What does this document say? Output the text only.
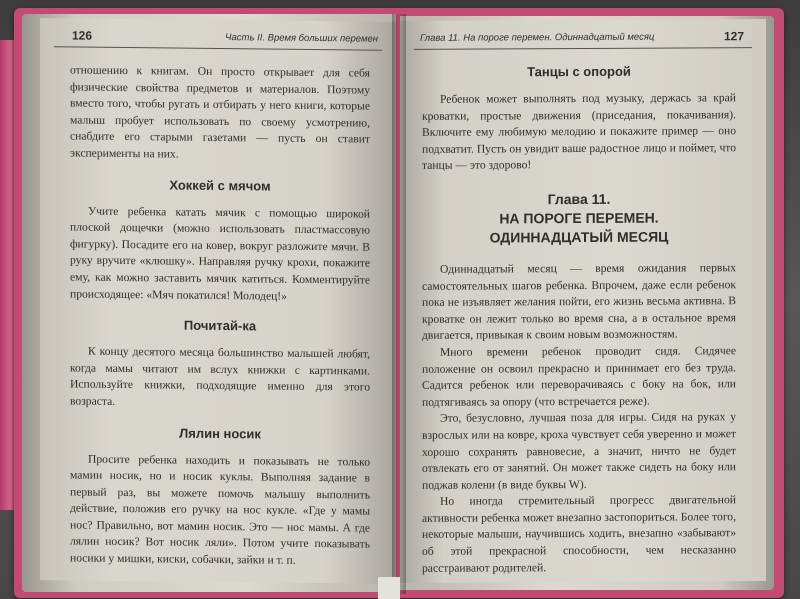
126	Часть II. Время больших перемен

отношению к книгам. Он просто открывает для себя физические свойства предметов и материалов. Поэтому вместо того, чтобы ругать и отбирать у него книги, которые малыш пробует использовать по своему усмотрению, снабдите его старыми газетами — пусть он ставит эксперименты на них.

Хоккей с мячом

Учите ребенка катать мячик с помощью широкой плоской дощечки (можно использовать пластмассовую фигурку). Посадите его на ковер, вокруг разложите мячи. В руку вручите «клюшку». Направляя ручку крохи, покажите ему, как можно заставить мячик катиться. Комментируйте происходящее: «Мяч покатился! Молодец!»

Почитай-ка

К концу десятого месяца большинство малышей любят, когда мамы читают им вслух книжки с картинками. Используйте книжки, подходящие именно для этого возраста.

Лялин носик

Просите ребенка находить и показывать не только мамин носик, но и носик куклы. Выполняя задание в первый раз, вы можете помочь малышу выполнить действие, положив его ручку на нос кукле. «Где у мамы нос? Правильно, вот мамин носик. Это — нос мамы. А где лялин носик? Вот носик ляли». Потом учите показывать носики у мишки, киски, собачки, зайки и т. п.

Глава 11. На пороге перемен. Одиннадцатый месяц	127
Танцы с опорой

Ребенок может выполнять под музыку, держась за край кроватки, простые движения (приседания, покачивания). Включите ему любимую мелодию и покажите пример — оно подхватит. Пусть он увидит ваше радостное лицо и поймет, что танцы — это здорово!

Глава 11.
НА ПОРОГЕ ПЕРЕМЕН.
ОДИННАДЦАТЫЙ МЕСЯЦ

Одиннадцатый месяц — время ожидания первых самостоятельных шагов ребенка. Впрочем, даже если ребенок пока не изъявляет желания пойти, его жизнь весьма активна. В кроватке он лежит только во время сна, а в остальное время двигается, привыкая к своим новым возможностям.

Много времени ребенок проводит сидя. Сидячее положение он освоил прекрасно и принимает его без труда. Садится ребенок или переворачиваясь с боку на бок, или подтягиваясь за опору (что встречается реже).

Это, безусловно, лучшая поза для игры. Сидя на руках у взрослых или на ковре, кроха чувствует себя уверенно и может хорошо сохранять равновесие, а значит, ничто не будет отвлекать его от занятий. Он может также сидеть на боку или поджав колени (в виде буквы W).

Но иногда стремительный прогресс двигательной активности ребенка может внезапно застопориться. Более того, некоторые малыши, научившись ходить, внезапно «забывают» об этой прекрасной способности, чем несказанно расстраивают родителей.
